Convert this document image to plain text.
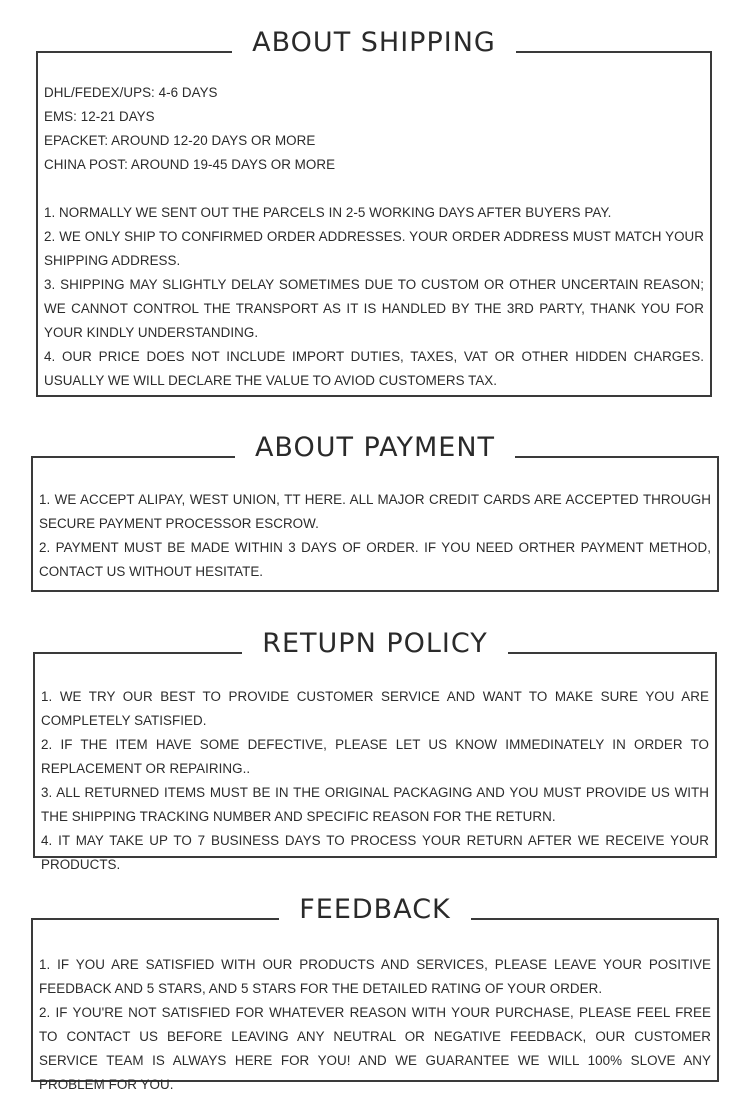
ABOUT SHIPPING
DHL/FEDEX/UPS: 4-6 DAYS
EMS: 12-21 DAYS
EPACKET: AROUND 12-20 DAYS OR MORE
CHINA POST: AROUND 19-45 DAYS OR MORE
1. NORMALLY WE SENT OUT THE PARCELS IN 2-5 WORKING DAYS AFTER BUYERS PAY.
2. WE ONLY SHIP TO CONFIRMED ORDER ADDRESSES. YOUR ORDER ADDRESS MUST MATCH YOUR SHIPPING ADDRESS.
3. SHIPPING MAY SLIGHTLY DELAY SOMETIMES DUE TO CUSTOM OR OTHER UNCERTAIN REASON; WE CANNOT CONTROL THE TRANSPORT AS IT IS HANDLED BY THE 3RD PARTY, THANK YOU FOR YOUR KINDLY UNDERSTANDING.
4. OUR PRICE DOES NOT INCLUDE IMPORT DUTIES, TAXES, VAT OR OTHER HIDDEN CHARGES. USUALLY WE WILL DECLARE THE VALUE TO AVIOD CUSTOMERS TAX.
ABOUT PAYMENT
1. WE ACCEPT ALIPAY, WEST UNION, TT HERE. ALL MAJOR CREDIT CARDS ARE ACCEPTED THROUGH SECURE PAYMENT PROCESSOR ESCROW.
2. PAYMENT MUST BE MADE WITHIN 3 DAYS OF ORDER. IF YOU NEED ORTHER PAYMENT METHOD, CONTACT US WITHOUT HESITATE.
RETUPN POLICY
1. WE TRY OUR BEST TO PROVIDE CUSTOMER SERVICE AND WANT TO MAKE SURE YOU ARE COMPLETELY SATISFIED.
2. IF THE ITEM HAVE SOME DEFECTIVE, PLEASE LET US KNOW IMMEDINATELY IN ORDER TO REPLACEMENT OR REPAIRING..
3. ALL RETURNED ITEMS MUST BE IN THE ORIGINAL PACKAGING AND YOU MUST PROVIDE US WITH THE SHIPPING TRACKING NUMBER AND SPECIFIC REASON FOR THE RETURN.
4. IT MAY TAKE UP TO 7 BUSINESS DAYS TO PROCESS YOUR RETURN AFTER WE RECEIVE YOUR PRODUCTS.
FEEDBACK
1. IF YOU ARE SATISFIED WITH OUR PRODUCTS AND SERVICES, PLEASE LEAVE YOUR POSITIVE FEEDBACK AND 5 STARS, AND 5 STARS FOR THE DETAILED RATING OF YOUR ORDER.
2. IF YOU'RE NOT SATISFIED FOR WHATEVER REASON WITH YOUR PURCHASE, PLEASE FEEL FREE TO CONTACT US BEFORE LEAVING ANY NEUTRAL OR NEGATIVE FEEDBACK, OUR CUSTOMER SERVICE TEAM IS ALWAYS HERE FOR YOU! AND WE GUARANTEE WE WILL 100% SLOVE ANY PROBLEM FOR YOU.
